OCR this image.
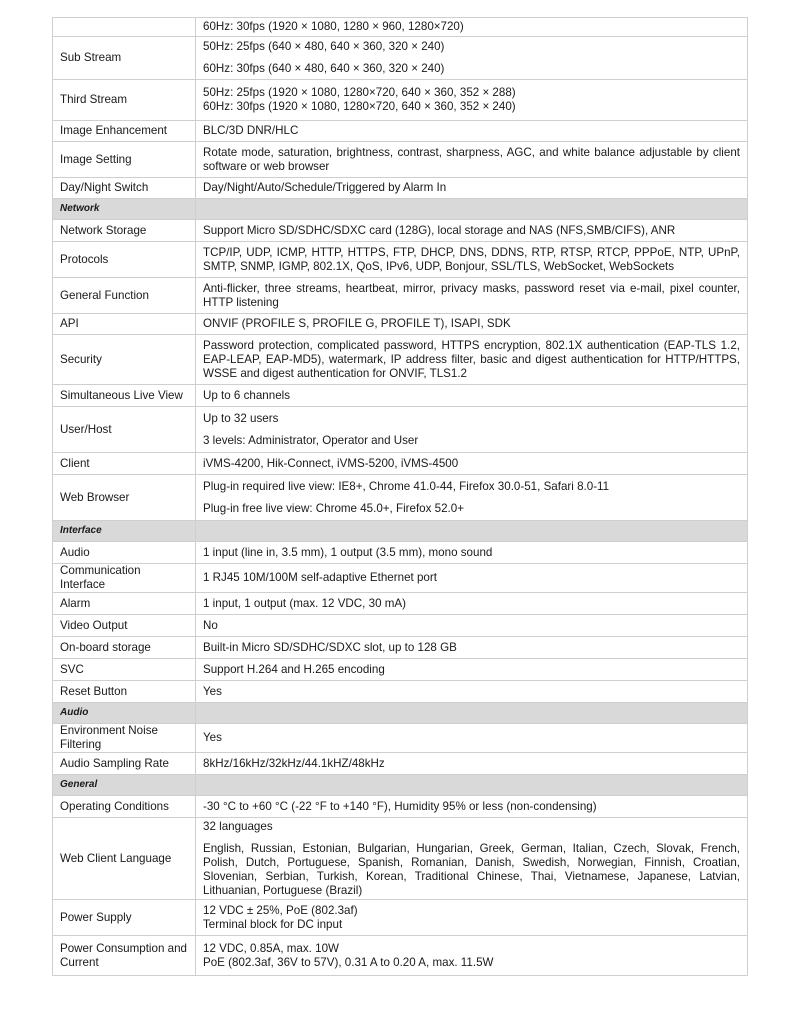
	60Hz: 30fps (1920 × 1080, 1280 × 960, 1280×720)

Sub Stream	50Hz: 25fps (640 × 480, 640 × 360, 320 × 240)
60Hz: 30fps (640 × 480, 640 × 360, 320 × 240)

Third Stream	50Hz: 25fps (1920 × 1080, 1280×720, 640 × 360, 352 × 288)
60Hz: 30fps (1920 × 1080, 1280×720, 640 × 360, 352 × 240)

Image Enhancement	BLC/3D DNR/HLC

Image Setting	Rotate mode, saturation, brightness, contrast, sharpness, AGC, and white balance adjustable by client software or web browser

Day/Night Switch	Day/Night/Auto/Schedule/Triggered by Alarm In

Network	
Network Storage	Support Micro SD/SDHC/SDXC card (128G), local storage and NAS (NFS,SMB/CIFS), ANR

Protocols	TCP/IP, UDP, ICMP, HTTP, HTTPS, FTP, DHCP, DNS, DDNS, RTP, RTSP, RTCP, PPPoE, NTP, UPnP, SMTP, SNMP, IGMP, 802.1X, QoS, IPv6, UDP, Bonjour, SSL/TLS, WebSocket, WebSockets

General Function	Anti-flicker, three streams, heartbeat, mirror, privacy masks, password reset via e-mail, pixel counter, HTTP listening

API	ONVIF (PROFILE S, PROFILE G, PROFILE T), ISAPI, SDK

Security	Password protection, complicated password, HTTPS encryption, 802.1X authentication (EAP-TLS 1.2, EAP-LEAP, EAP-MD5), watermark, IP address filter, basic and digest authentication for HTTP/HTTPS, WSSE and digest authentication for ONVIF, TLS1.2

Simultaneous Live View	Up to 6 channels

User/Host	Up to 32 users
3 levels: Administrator, Operator and User

Client	iVMS-4200, Hik-Connect, iVMS-5200, iVMS-4500

Web Browser	Plug-in required live view: IE8+, Chrome 41.0-44, Firefox 30.0-51, Safari 8.0-11
Plug-in free live view: Chrome 45.0+, Firefox 52.0+

Interface	
Audio	1 input (line in, 3.5 mm), 1 output (3.5 mm), mono sound

Communication Interface	1 RJ45 10M/100M self-adaptive Ethernet port

Alarm	1 input, 1 output (max. 12 VDC, 30 mA)

Video Output	No

On-board storage	Built-in Micro SD/SDHC/SDXC slot, up to 128 GB

SVC	Support H.264 and H.265 encoding

Reset Button	Yes

Audio	
Environment Noise Filtering	Yes

Audio Sampling Rate	8kHz/16kHz/32kHz/44.1kHZ/48kHz

General	
Operating Conditions	-30 °C to +60 °C (-22 °F to +140 °F), Humidity 95% or less (non-condensing)

Web Client Language	32 languages
English, Russian, Estonian, Bulgarian, Hungarian, Greek, German, Italian, Czech, Slovak, French, Polish, Dutch, Portuguese, Spanish, Romanian, Danish, Swedish, Norwegian, Finnish, Croatian, Slovenian, Serbian, Turkish, Korean, Traditional Chinese, Thai, Vietnamese, Japanese, Latvian, Lithuanian, Portuguese (Brazil)

Power Supply	12 VDC ± 25%, PoE (802.3af)
Terminal block for DC input

Power Consumption and Current	12 VDC, 0.85A, max. 10W
PoE (802.3af, 36V to 57V), 0.31 A to 0.20 A, max. 11.5W
